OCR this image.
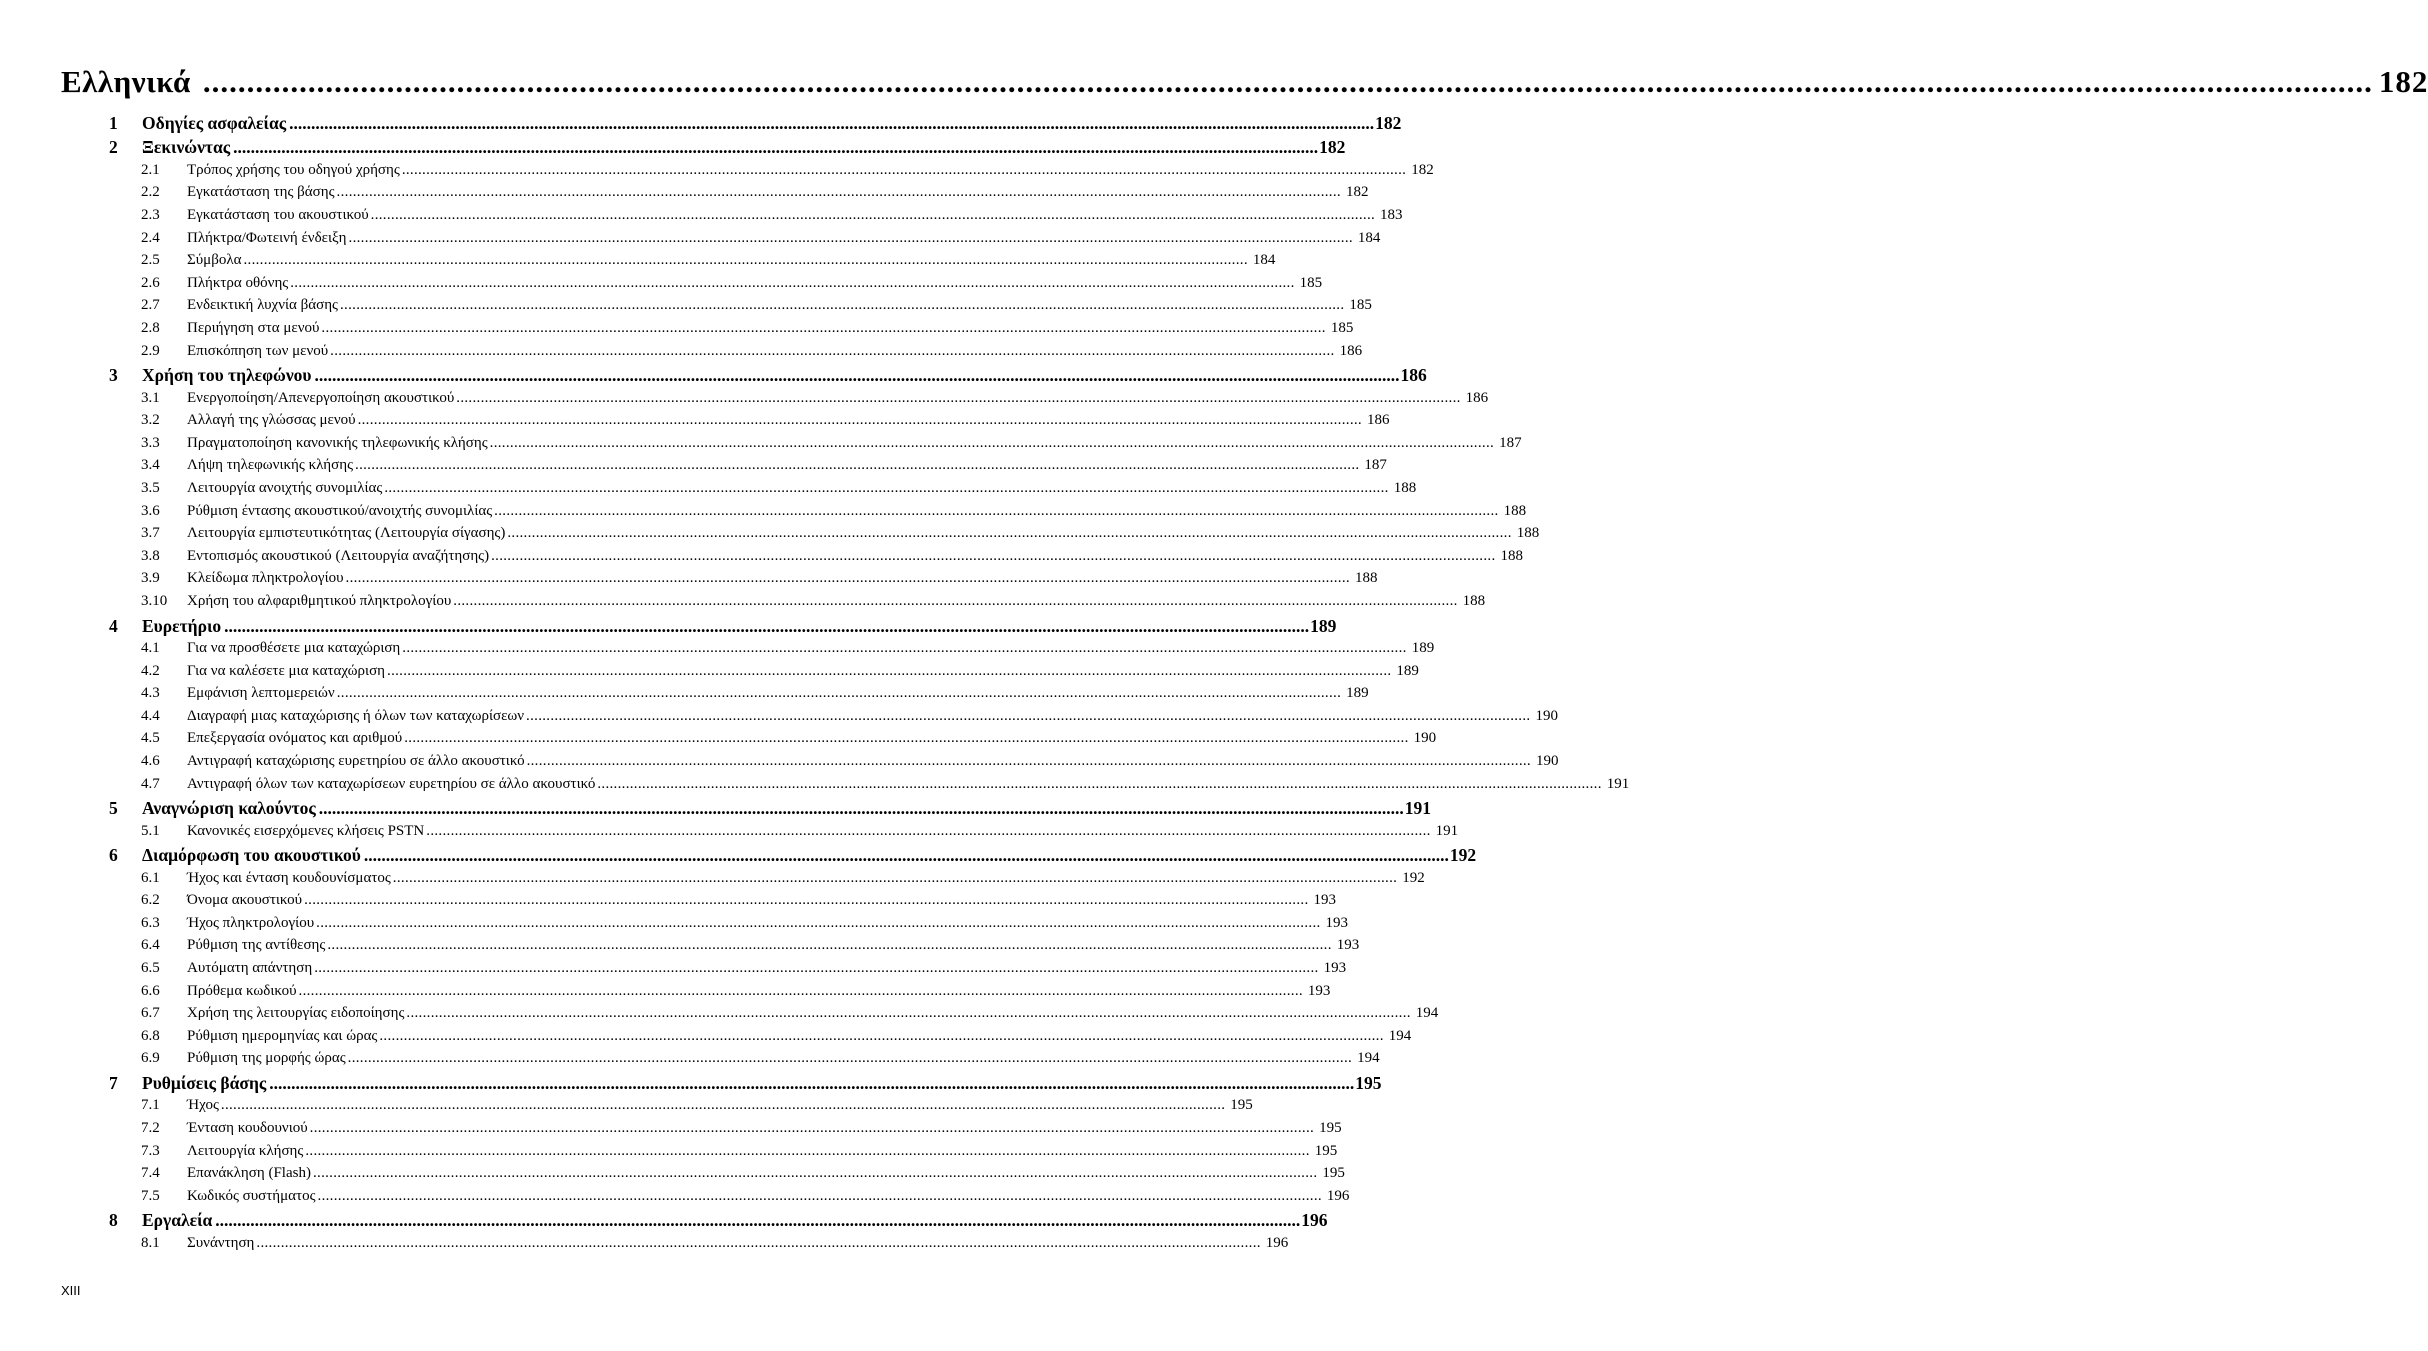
Ελληνικά ........................................................................................................................................................................................................................................................ 182
1 Οδηγίες ασφαλείας ........................................................................................................................................................................................................................................................ 182
2 Ξεκινώντας ........................................................................................................................................................................................................................................................ 182
2.1 Τρόπος χρήσης του οδηγού χρήσης ........................................................................................................................................................................................................................................................ 182
2.2 Εγκατάσταση της βάσης ........................................................................................................................................................................................................................................................ 182
2.3 Εγκατάσταση του ακουστικού ........................................................................................................................................................................................................................................................ 183
2.4 Πλήκτρα/Φωτεινή ένδειξη ........................................................................................................................................................................................................................................................ 184
2.5 Σύμβολα ........................................................................................................................................................................................................................................................ 184
2.6 Πλήκτρα οθόνης ........................................................................................................................................................................................................................................................ 185
2.7 Ενδεικτική λυχνία βάσης ........................................................................................................................................................................................................................................................ 185
2.8 Περιήγηση στα μενού ........................................................................................................................................................................................................................................................ 185
2.9 Επισκόπηση των μενού ........................................................................................................................................................................................................................................................ 186
3 Χρήση του τηλεφώνου ........................................................................................................................................................................................................................................................ 186
3.1 Ενεργοποίηση/Απενεργοποίηση ακουστικού ........................................................................................................................................................................................................................................................ 186
3.2 Αλλαγή της γλώσσας μενού ........................................................................................................................................................................................................................................................ 186
3.3 Πραγματοποίηση κανονικής τηλεφωνικής κλήσης ........................................................................................................................................................................................................................................................ 187
3.4 Λήψη τηλεφωνικής κλήσης ........................................................................................................................................................................................................................................................ 187
3.5 Λειτουργία ανοιχτής συνομιλίας ........................................................................................................................................................................................................................................................ 188
3.6 Ρύθμιση έντασης ακουστικού/ανοιχτής συνομιλίας ........................................................................................................................................................................................................................................................ 188
3.7 Λειτουργία εμπιστευτικότητας (Λειτουργία σίγασης) ........................................................................................................................................................................................................................................................ 188
3.8 Εντοπισμός ακουστικού (Λειτουργία αναζήτησης) ........................................................................................................................................................................................................................................................ 188
3.9 Κλείδωμα πληκτρολογίου ........................................................................................................................................................................................................................................................ 188
3.10 Χρήση του αλφαριθμητικού πληκτρολογίου ........................................................................................................................................................................................................................................................ 188
4 Ευρετήριο ........................................................................................................................................................................................................................................................ 189
4.1 Για να προσθέσετε μια καταχώριση ........................................................................................................................................................................................................................................................ 189
4.2 Για να καλέσετε μια καταχώριση ........................................................................................................................................................................................................................................................ 189
4.3 Εμφάνιση λεπτομερειών ........................................................................................................................................................................................................................................................ 189
4.4 Διαγραφή μιας καταχώρισης ή όλων των καταχωρίσεων ........................................................................................................................................................................................................................................................ 190
4.5 Επεξεργασία ονόματος και αριθμού ........................................................................................................................................................................................................................................................ 190
4.6 Αντιγραφή καταχώρισης ευρετηρίου σε άλλο ακουστικό ........................................................................................................................................................................................................................................................ 190
4.7 Αντιγραφή όλων των καταχωρίσεων ευρετηρίου σε άλλο ακουστικό ........................................................................................................................................................................................................................................................ 191
5 Αναγνώριση καλούντος ........................................................................................................................................................................................................................................................ 191
5.1 Κανονικές εισερχόμενες κλήσεις PSTN ........................................................................................................................................................................................................................................................ 191
6 Διαμόρφωση του ακουστικού ........................................................................................................................................................................................................................................................ 192
6.1 Ήχος και ένταση κουδουνίσματος ........................................................................................................................................................................................................................................................ 192
6.2 Όνομα ακουστικού ........................................................................................................................................................................................................................................................ 193
6.3 Ήχος πληκτρολογίου ........................................................................................................................................................................................................................................................ 193
6.4 Ρύθμιση της αντίθεσης ........................................................................................................................................................................................................................................................ 193
6.5 Αυτόματη απάντηση ........................................................................................................................................................................................................................................................ 193
6.6 Πρόθεμα κωδικού ........................................................................................................................................................................................................................................................ 193
6.7 Χρήση της λειτουργίας ειδοποίησης ........................................................................................................................................................................................................................................................ 194
6.8 Ρύθμιση ημερομηνίας και ώρας ........................................................................................................................................................................................................................................................ 194
6.9 Ρύθμιση της μορφής ώρας ........................................................................................................................................................................................................................................................ 194
7 Ρυθμίσεις βάσης ........................................................................................................................................................................................................................................................ 195
7.1 Ήχος ........................................................................................................................................................................................................................................................ 195
7.2 Ένταση κουδουνιού ........................................................................................................................................................................................................................................................ 195
7.3 Λειτουργία κλήσης ........................................................................................................................................................................................................................................................ 195
7.4 Επανάκληση (Flash) ........................................................................................................................................................................................................................................................ 195
7.5 Κωδικός συστήματος ........................................................................................................................................................................................................................................................ 196
8 Εργαλεία ........................................................................................................................................................................................................................................................ 196
8.1 Συνάντηση ........................................................................................................................................................................................................................................................ 196
XIII
